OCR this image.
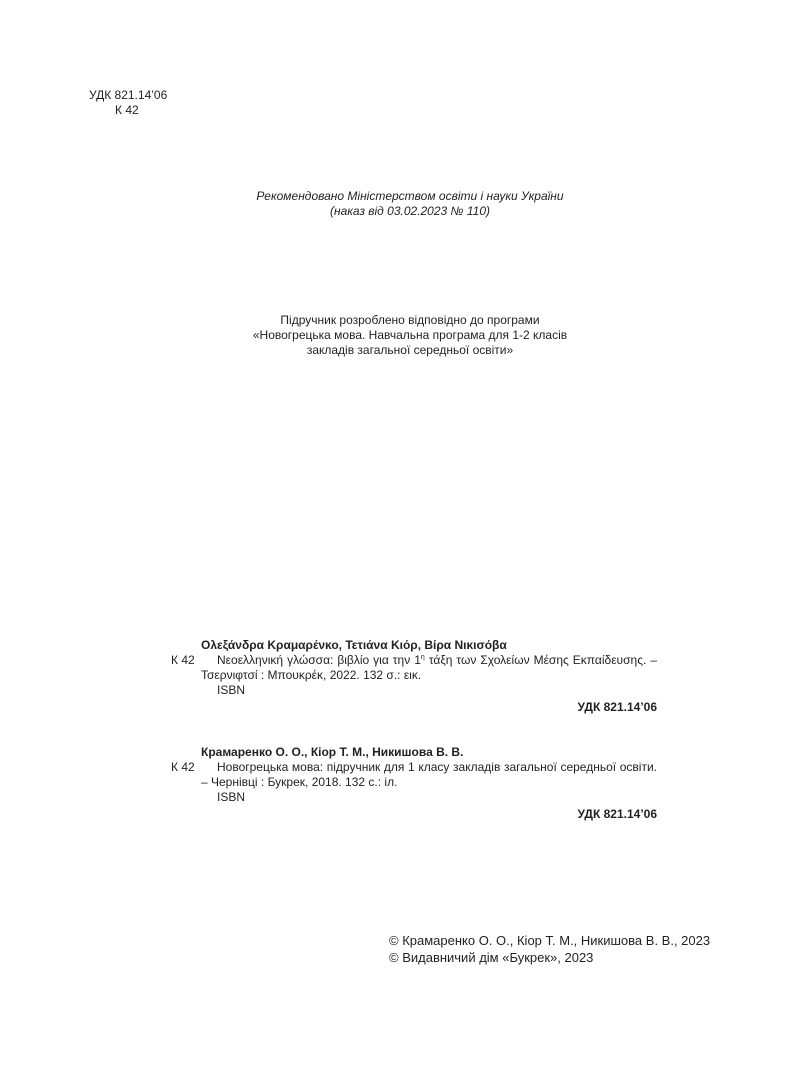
УДК 821.14’06
К 42
Рекомендовано Міністерством освіти і науки України
(наказ від 03.02.2023 № 110)
Підручник розроблено відповідно до програми
«Новогрецька мова. Навчальна програма для 1-2 класів
закладів загальної середньої освіти»
Ολεξάνδρα Κραμαρένκο, Τετιάνα Κιόρ, Βίρα Νικισόβα
К 42	Νεοελληνική γλώσσα: βιβλίο για την $1^\eta$ τάξη των Σχολείων Μέσης Εκπαίδευσης. – Τσερνιφτσί : Μπουκρέκ, 2022. 132 σ.: εικ.
ISBN
УДК 821.14’06
Крамаренко О. О., Кіор Т. М., Никишова В. В.
К 42	Новогрецька мова: підручник для 1 класу закладів загальної середньої освіти. – Чернівці : Букрек, 2018. 132 с.: іл.
ISBN
УДК 821.14’06
© Крамаренко О. О., Кіор Т. М., Никишова В. В., 2023
© Видавничий дім «Букрек», 2023
